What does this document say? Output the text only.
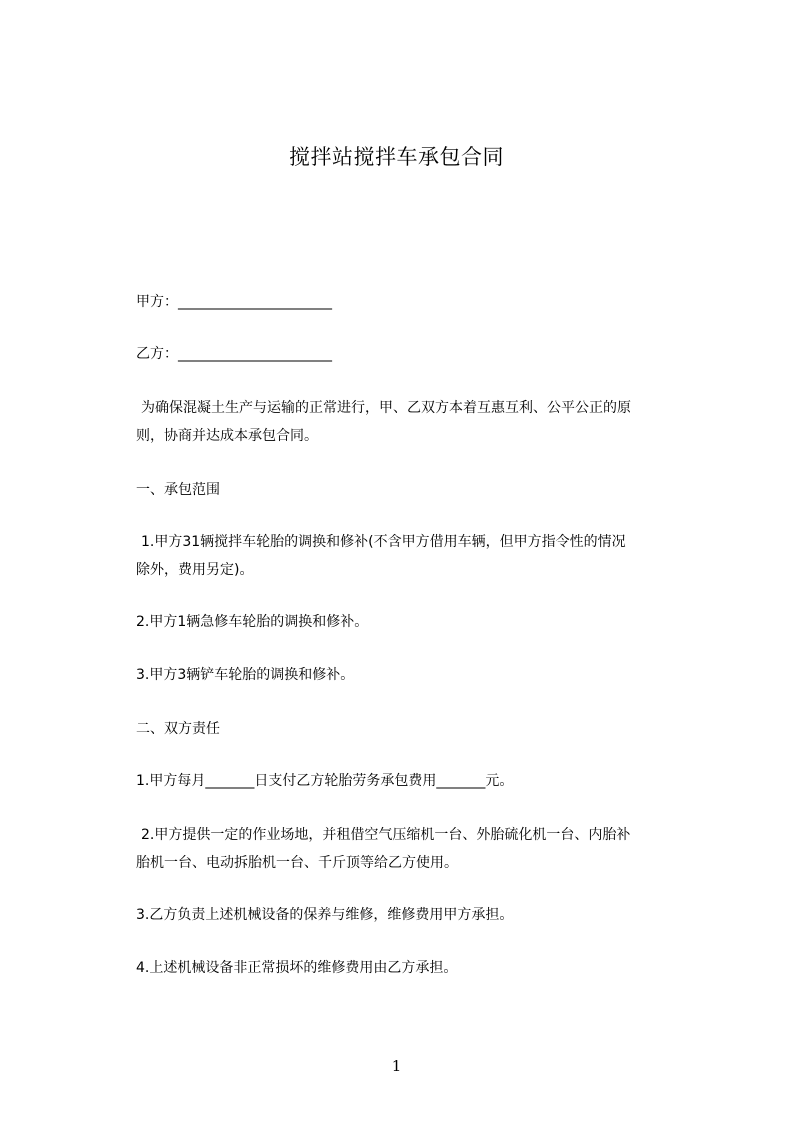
搅拌站搅拌车承包合同
甲方：______________________
乙方：______________________
为确保混凝土生产与运输的正常进行，甲、乙双方本着互惠互利、公平公正的原
则，协商并达成本承包合同。
一、承包范围
1.甲方31辆搅拌车轮胎的调换和修补(不含甲方借用车辆，但甲方指令性的情况
除外，费用另定)。
2.甲方1辆急修车轮胎的调换和修补。
3.甲方3辆铲车轮胎的调换和修补。
二、双方责任
1.甲方每月_______日支付乙方轮胎劳务承包费用_______元。
2.甲方提供一定的作业场地，并租借空气压缩机一台、外胎硫化机一台、内胎补
胎机一台、电动拆胎机一台、千斤顶等给乙方使用。
3.乙方负责上述机械设备的保养与维修，维修费用甲方承担。
4.上述机械设备非正常损坏的维修费用由乙方承担。
1
